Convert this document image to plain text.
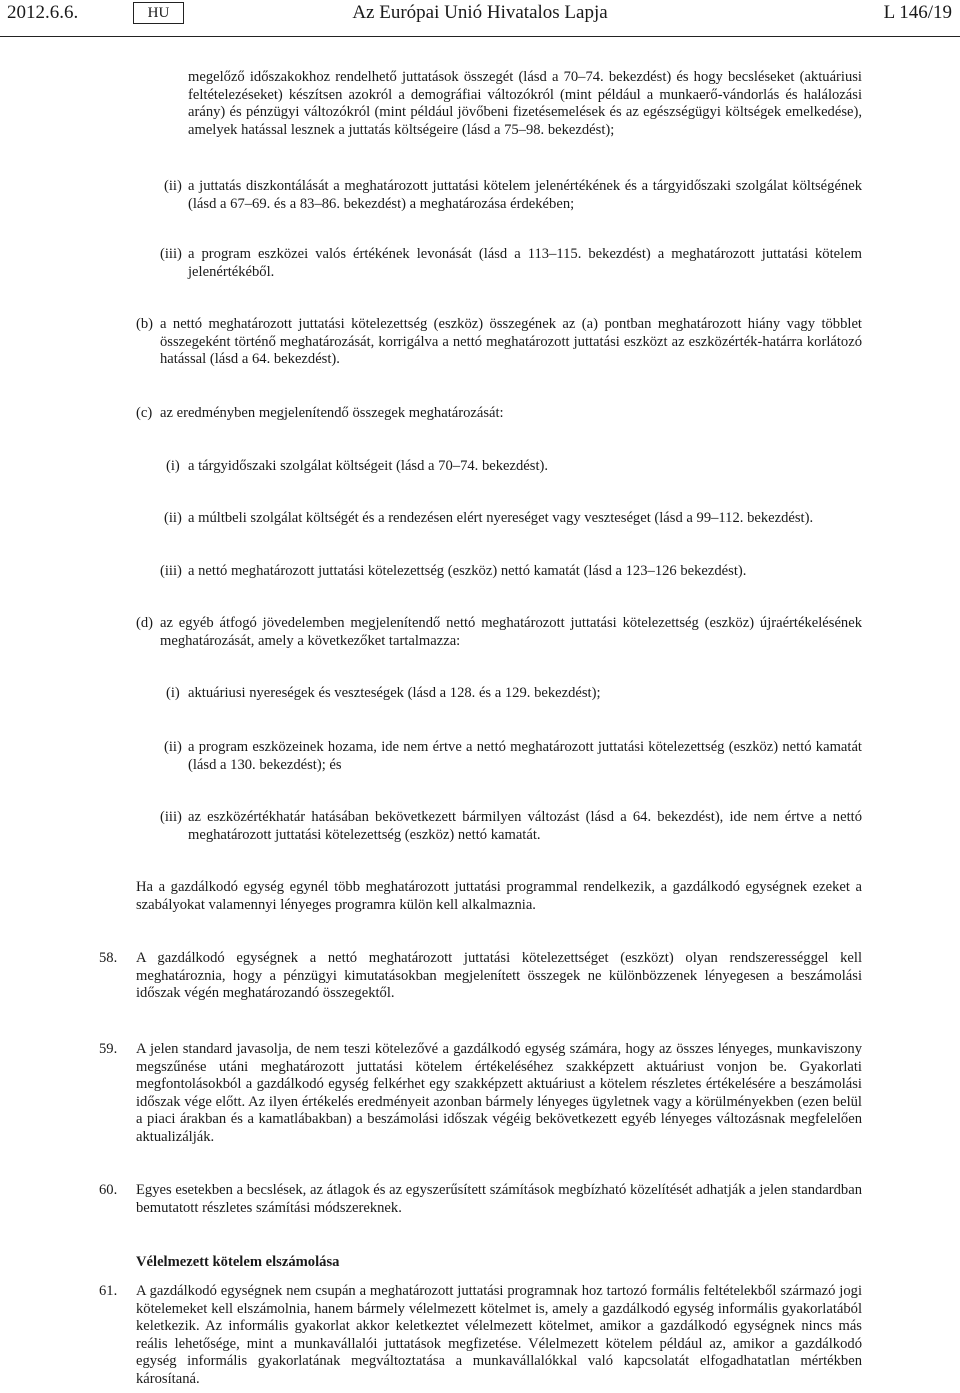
2012.6.6.	Az Európai Unió Hivatalos Lapja
HU	L 146/19
megelőző időszakokhoz rendelhető juttatások összegét (lásd a 70–74. bekezdést) és hogy becsléseket (aktuáriusi feltételezéseket) készítsen azokról a demográfiai változókról (mint például a munkaerő-vándorlás és halálozási arány) és pénzügyi változókról (mint például jövőbeni fizetésemelések és az egészségügyi költségek emelkedése), amelyek hatással lesznek a juttatás költségeire (lásd a 75–98. bekezdést);
(ii) a juttatás diszkontálását a meghatározott juttatási kötelem jelenértékének és a tárgyidőszaki szolgálat költségének (lásd a 67–69. és a 83–86. bekezdést) a meghatározása érdekében;
(iii) a program eszközei valós értékének levonását (lásd a 113–115. bekezdést) a meghatározott juttatási kötelem jelenértékéből.
(b) a nettó meghatározott juttatási kötelezettség (eszköz) összegének az (a) pontban meghatározott hiány vagy többlet összegeként történő meghatározását, korrigálva a nettó meghatározott juttatási eszközt az eszközérték-határra korlátozó hatással (lásd a 64. bekezdést).
(c) az eredményben megjelenítendő összegek meghatározását:
(i) a tárgyidőszaki szolgálat költségeit (lásd a 70–74. bekezdést).
(ii) a múltbeli szolgálat költségét és a rendezésen elért nyereséget vagy veszteséget (lásd a 99–112. bekezdést).
(iii) a nettó meghatározott juttatási kötelezettség (eszköz) nettó kamatát (lásd a 123–126 bekezdést).
(d) az egyéb átfogó jövedelemben megjelenítendő nettó meghatározott juttatási kötelezettség (eszköz) újraértékelésének meghatározását, amely a következőket tartalmazza:
(i) aktuáriusi nyereségek és veszteségek (lásd a 128. és a 129. bekezdést);
(ii) a program eszközeinek hozama, ide nem értve a nettó meghatározott juttatási kötelezettség (eszköz) nettó kamatát (lásd a 130. bekezdést); és
(iii) az eszközértékhatár hatásában bekövetkezett bármilyen változást (lásd a 64. bekezdést), ide nem értve a nettó meghatározott juttatási kötelezettség (eszköz) nettó kamatát.
Ha a gazdálkodó egység egynél több meghatározott juttatási programmal rendelkezik, a gazdálkodó egységnek ezeket a szabályokat valamennyi lényeges programra külön kell alkalmaznia.
58. A gazdálkodó egységnek a nettó meghatározott juttatási kötelezettséget (eszközt) olyan rendszerességgel kell meghatároznia, hogy a pénzügyi kimutatásokban megjelenített összegek ne különbözzenek lényegesen a beszámolási időszak végén meghatározandó összegektől.
59. A jelen standard javasolja, de nem teszi kötelezővé a gazdálkodó egység számára, hogy az összes lényeges, munkaviszony megszűnése utáni meghatározott juttatási kötelem értékeléséhez szakképzett aktuáriust vonjon be. Gyakorlati megfontolásokból a gazdálkodó egység felkérhet egy szakképzett aktuáriust a kötelem részletes értékelésére a beszámolási időszak vége előtt. Az ilyen értékelés eredményeit azonban bármely lényeges ügyletnek vagy a körülményekben (ezen belül a piaci árakban és a kamatlábakban) a beszámolási időszak végéig bekövetkezett egyéb lényeges változásnak megfelelően aktualizálják.
60. Egyes esetekben a becslések, az átlagok és az egyszerűsített számítások megbízható közelítését adhatják a jelen standardban bemutatott részletes számítási módszereknek.
Vélelmezett kötelem elszámolása
61. A gazdálkodó egységnek nem csupán a meghatározott juttatási programnak hoz tartozó formális feltételekből származó jogi kötelemeket kell elszámolnia, hanem bármely vélelmezett kötelmet is, amely a gazdálkodó egység informális gyakorlatából keletkezik. Az informális gyakorlat akkor keletkeztet vélelmezett kötelmet, amikor a gazdálkodó egységnek nincs más reális lehetősége, mint a munkavállalói juttatások megfizetése. Vélelmezett kötelem például az, amikor a gazdálkodó egység informális gyakorlatának megváltoztatása a munkavállalókkal való kapcsolatát elfogadhatatlan mértékben károsítaná.
